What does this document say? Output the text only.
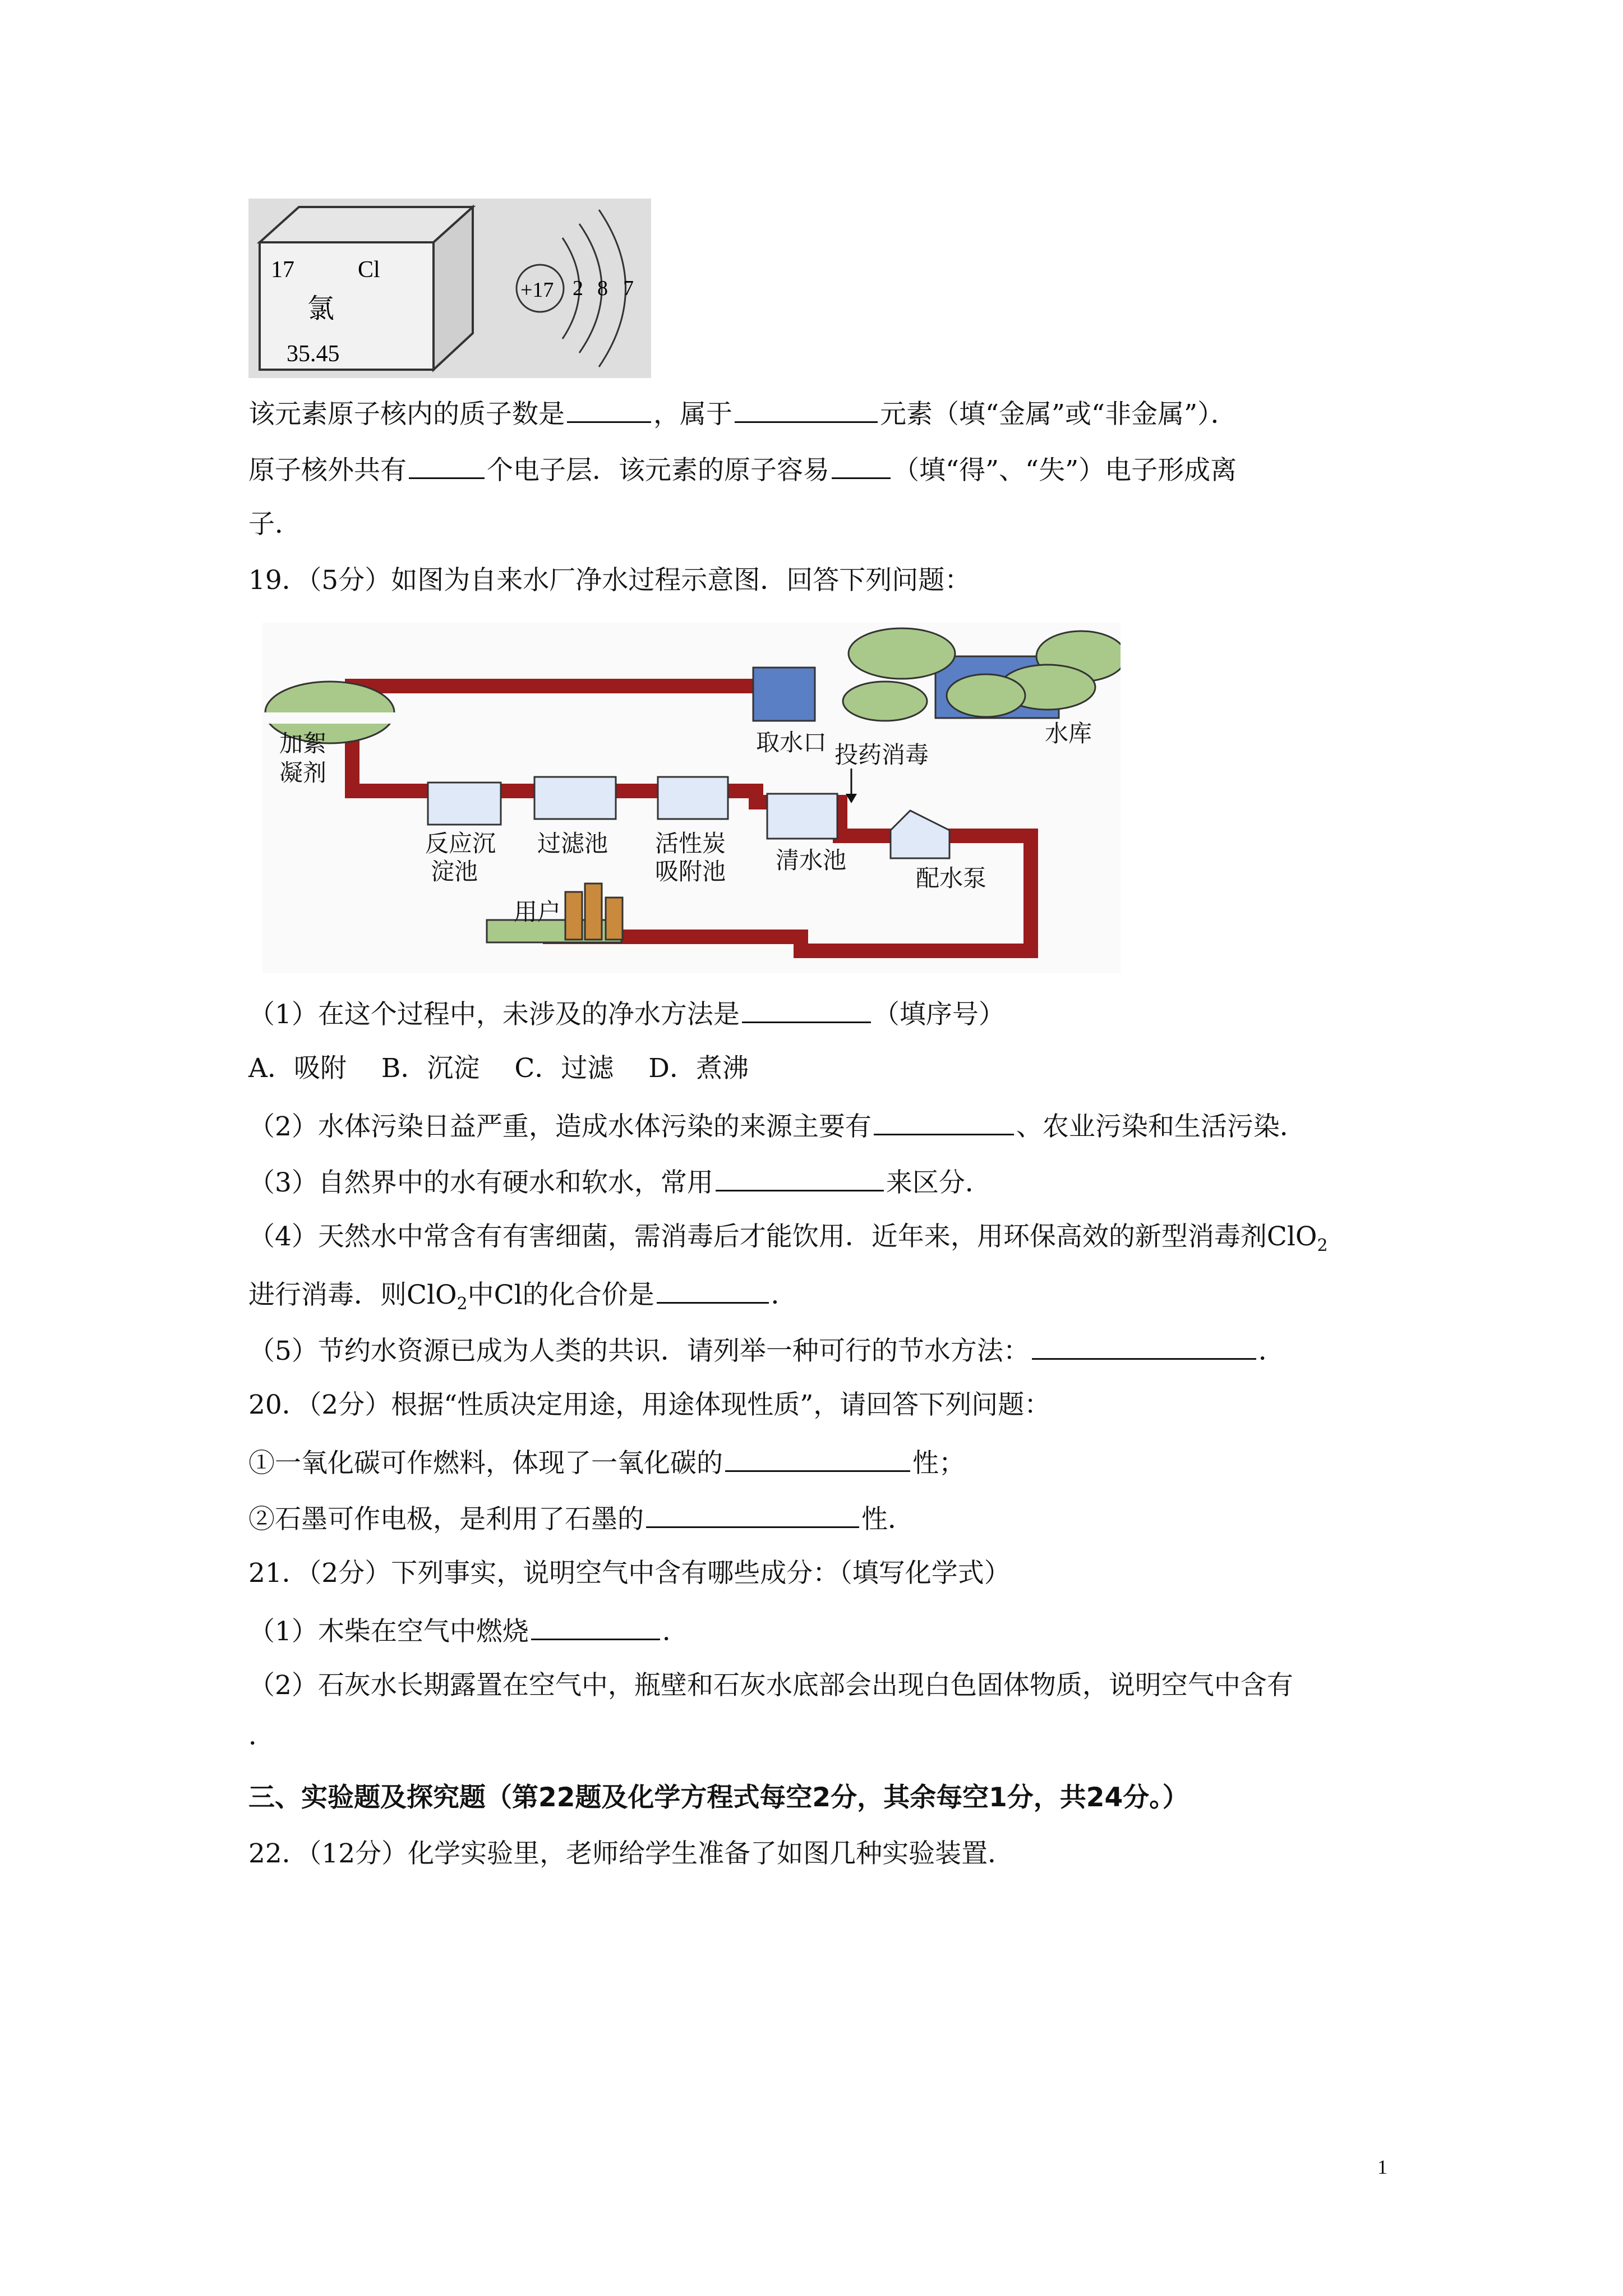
17	Cl
氯
35.45
+17 2 8 7
该元素原子核内的质子数是	，属于	元素（填“金属”或“非金属”）．
原子核外共有	个电子层．该元素的原子容易 （填“得”、“失”）电子形成离
子．
19．（5分）如图为自来水厂净水过程示意图．回答下列问题：
取水口	水库
加絮
凝剂
投药消毒
反应沉
淀池
过滤池 活性炭
吸附池 清水池
配水泵
用户
（1）在这个过程中，未涉及的净水方法是	（填序号）
A．吸附　 B．沉淀　 C．过滤　 D．煮沸
（2）水体污染日益严重，造成水体污染的来源主要有	、农业污染和生活污染．
（3）自然界中的水有硬水和软水，常用	来区分．
（4）天然水中常含有有害细菌，需消毒后才能饮用．近年来，用环保高效的新型消毒剂ClO$_2$
进行消毒．则ClO$_2$中Cl的化合价是	．
（5）节约水资源已成为人类的共识．请列举一种可行的节水方法：	．
20．（2分）根据“性质决定用途，用途体现性质”，请回答下列问题：
①一氧化碳可作燃料，体现了一氧化碳的	性；
②石墨可作电极，是利用了石墨的	性．
21．（2分）下列事实，说明空气中含有哪些成分：（填写化学式）
（1）木柴在空气中燃烧	．
（2）石灰水长期露置在空气中，瓶壁和石灰水底部会出现白色固体物质，说明空气中含有
．
三、实验题及探究题（第22题及化学方程式每空2分，其余每空1分，共24分。）
22．（12分）化学实验里，老师给学生准备了如图几种实验装置．
1
